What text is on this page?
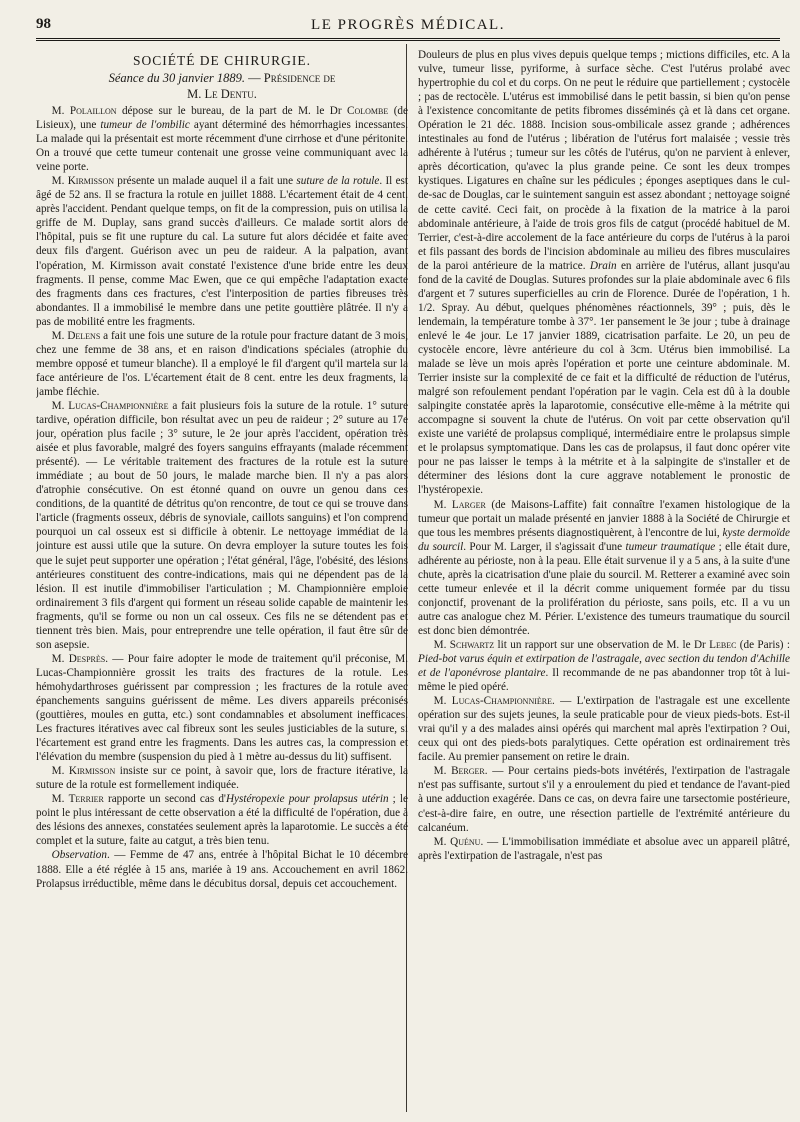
98	LE PROGRÈS MÉDICAL.

SOCIÉTÉ DE CHIRURGIE.

Séance du 30 janvier 1889. — Présidence de

M. Le Dentu.

M. Polaillon dépose sur le bureau, de la part de M. le Dr Colombe (de Lisieux), une tumeur de l'ombilic ayant déterminé des hémorrhagies incessantes. La malade qui la présentait est morte récemment d'une cirrhose et d'une péritonite. On a trouvé que cette tumeur contenait une grosse veine communiquant avec la veine porte.

M. Kirmisson présente un malade auquel il a fait une suture de la rotule. Il est âgé de 52 ans. Il se fractura la rotule en juillet 1888. L'écartement était de 4 cent. après l'accident. Pendant quelque temps, on fit de la compression, puis on utilisa la griffe de M. Duplay, sans grand succès d'ailleurs. Ce malade sortit alors de l'hôpital, puis se fit une rupture du cal. La suture fut alors décidée et faite avec deux fils d'argent. Guérison avec un peu de raideur. A la palpation, avant l'opération, M. Kirmisson avait constaté l'existence d'une bride entre les deux fragments. Il pense, comme Mac Ewen, que ce qui empêche l'adaptation exacte des fragments dans ces fractures, c'est l'interposition de parties fibreuses très abondantes. Il a immobilisé le membre dans une petite gouttière plâtrée. Il n'y a pas de mobilité entre les fragments.

M. Delens a fait une fois une suture de la rotule pour fracture datant de 3 mois, chez une femme de 38 ans, et en raison d'indications spéciales (atrophie du membre opposé et tumeur blanche). Il a employé le fil d'argent qu'il martela sur la face antérieure de l'os. L'écartement était de 8 cent. entre les deux fragments, la jambe fléchie.

M. Lucas-Championnière a fait plusieurs fois la suture de la rotule. 1° suture tardive, opération difficile, bon résultat avec un peu de raideur ; 2° suture au 17e jour, opération plus facile ; 3° suture, le 2e jour après l'accident, opération très aisée et plus favorable, malgré des foyers sanguins effrayants (malade récemment présenté). — Le véritable traitement des fractures de la rotule est la suture immédiate ; au bout de 50 jours, le malade marche bien. Il n'y a pas alors d'atrophie consécutive. On est étonné quand on ouvre un genou dans ces conditions, de la quantité de détritus qu'on rencontre, de tout ce qui se trouve dans l'article (fragments osseux, débris de synoviale, caillots sanguins) et l'on comprend pourquoi un cal osseux est si difficile à obtenir. Le nettoyage immédiat de la jointure est aussi utile que la suture. On devra employer la suture toutes les fois que le sujet peut supporter une opération ; l'état général, l'âge, l'obésité, des lésions antérieures constituent des contre-indications, mais qui ne dépendent pas de la lésion. Il est inutile d'immobiliser l'articulation ; M. Championnière emploie ordinairement 3 fils d'argent qui forment un réseau solide capable de maintenir les fragments, qu'il se forme ou non un cal osseux. Ces fils ne se détendent pas et tiennent très bien. Mais, pour entreprendre une telle opération, il faut être sûr de son asepsie.

M. Desprès. — Pour faire adopter le mode de traitement qu'il préconise, M. Lucas-Championnière grossit les traits des fractures de la rotule. Les hémohydarthroses guérissent par compression ; les fractures de la rotule avec épanchements sanguins guérissent de même. Les divers appareils préconisés (gouttières, moules en gutta, etc.) sont condamnables et absolument inefficaces. Les fractures itératives avec cal fibreux sont les seules justiciables de la suture, si l'écartement est grand entre les fragments. Dans les autres cas, la compression et l'élévation du membre (suspension du pied à 1 mètre au-dessus du lit) suffisent.

M. Kirmisson insiste sur ce point, à savoir que, lors de fracture itérative, la suture de la rotule est formellement indiquée.

M. Terrier rapporte un second cas d'Hystéropexie pour prolapsus utérin ; le point le plus intéressant de cette observation a été la difficulté de l'opération, due à des lésions des annexes, constatées seulement après la laparotomie. Le succès a été complet et la suture, faite au catgut, a très bien tenu.

Observation. — Femme de 47 ans, entrée à l'hôpital Bichat le 10 décembre 1888. Elle a été réglée à 15 ans, mariée à 19 ans. Accouchement en avril 1862. Prolapsus irréductible, même dans le décubitus dorsal, depuis cet accouchement.

Douleurs de plus en plus vives depuis quelque temps ; mictions difficiles, etc. A la vulve, tumeur lisse, pyriforme, à surface sèche. C'est l'utérus prolabé avec hypertrophie du col et du corps. On ne peut le réduire que partiellement ; cystocèle ; pas de rectocèle. L'utérus est immobilisé dans le petit bassin, si bien qu'on pense à l'existence concomitante de petits fibromes disséminés çà et là dans cet organe. Opération le 21 déc. 1888. Incision sous-ombilicale assez grande ; adhérences intestinales au fond de l'utérus ; libération de l'utérus fort malaisée ; vessie très adhérente à l'utérus ; tumeur sur les côtés de l'utérus, qu'on ne parvient à enlever, après décortication, qu'avec la plus grande peine. Ce sont les deux trompes kystiques. Ligatures en chaîne sur les pédicules ; éponges aseptiques dans le cul-de-sac de Douglas, car le suintement sanguin est assez abondant ; nettoyage soigné de cette cavité. Ceci fait, on procède à la fixation de la matrice à la paroi abdominale antérieure, à l'aide de trois gros fils de catgut (procédé habituel de M. Terrier, c'est-à-dire accolement de la face antérieure du corps de l'utérus à la paroi et fils passant des bords de l'incision abdominale au milieu des fibres musculaires de la paroi antérieure de la matrice. Drain en arrière de l'utérus, allant jusqu'au fond de la cavité de Douglas. Sutures profondes sur la plaie abdominale avec 6 fils d'argent et 7 sutures superficielles au crin de Florence. Durée de l'opération, 1 h. 1/2. Spray. Au début, quelques phénomènes réactionnels, 39° ; puis, dès le lendemain, la température tombe à 37°. 1er pansement le 3e jour ; tube à drainage enlevé le 4e jour. Le 17 janvier 1889, cicatrisation parfaite. Le 20, un peu de cystocèle encore, lèvre antérieure du col à 3cm. Utérus bien immobilisé. La malade se lève un mois après l'opération et porte une ceinture abdominale. M. Terrier insiste sur la complexité de ce fait et la difficulté de réduction de l'utérus, malgré son refoulement pendant l'opération par le vagin. Cela est dû à la double salpingite constatée après la laparotomie, consécutive elle-même à la métrite qui accompagne si souvent la chute de l'utérus. On voit par cette observation qu'il existe une variété de prolapsus compliqué, intermédiaire entre le prolapsus simple et le prolapsus symptomatique. Dans les cas de prolapsus, il faut donc opérer vite pour ne pas laisser le temps à la métrite et à la salpingite de s'installer et de déterminer des lésions dont la cure aggrave notablement le pronostic de l'hystéropexie.

M. Larger (de Maisons-Laffite) fait connaître l'examen histologique de la tumeur que portait un malade présenté en janvier 1888 à la Société de Chirurgie et que tous les membres présents diagnostiquèrent, à l'encontre de lui, kyste dermoïde du sourcil. Pour M. Larger, il s'agissait d'une tumeur traumatique ; elle était dure, adhérente au périoste, non à la peau. Elle était survenue il y a 5 ans, à la suite d'une chute, après la cicatrisation d'une plaie du sourcil. M. Retterer a examiné avec soin cette tumeur enlevée et il la décrit comme uniquement formée par du tissu conjonctif, provenant de la prolifération du périoste, sans poils, etc. Il a vu un autre cas analogue chez M. Périer. L'existence des tumeurs traumatique du sourcil est donc bien démontrée.

M. Schwartz lit un rapport sur une observation de M. le Dr Lebec (de Paris) : Pied-bot varus équin et extirpation de l'astragale, avec section du tendon d'Achille et de l'aponévrose plantaire. Il recommande de ne pas abandonner trop tôt à lui-même le pied opéré.

M. Lucas-Championnière. — L'extirpation de l'astragale est une excellente opération sur des sujets jeunes, la seule praticable pour de vieux pieds-bots. Est-il vrai qu'il y a des malades ainsi opérés qui marchent mal après l'extirpation ? Oui, ceux qui ont des pieds-bots paralytiques. Cette opération est ordinairement très facile. Au premier pansement on retire le drain.

M. Berger. — Pour certains pieds-bots invétérés, l'extirpation de l'astragale n'est pas suffisante, surtout s'il y a enroulement du pied et tendance de l'avant-pied à une adduction exagérée. Dans ce cas, on devra faire une tarsectomie postérieure, c'est-à-dire faire, en outre, une résection partielle de l'extrémité antérieure du calcanéum.

M. Quénu. — L'immobilisation immédiate et absolue avec un appareil plâtré, après l'extirpation de l'astragale, n'est pas
